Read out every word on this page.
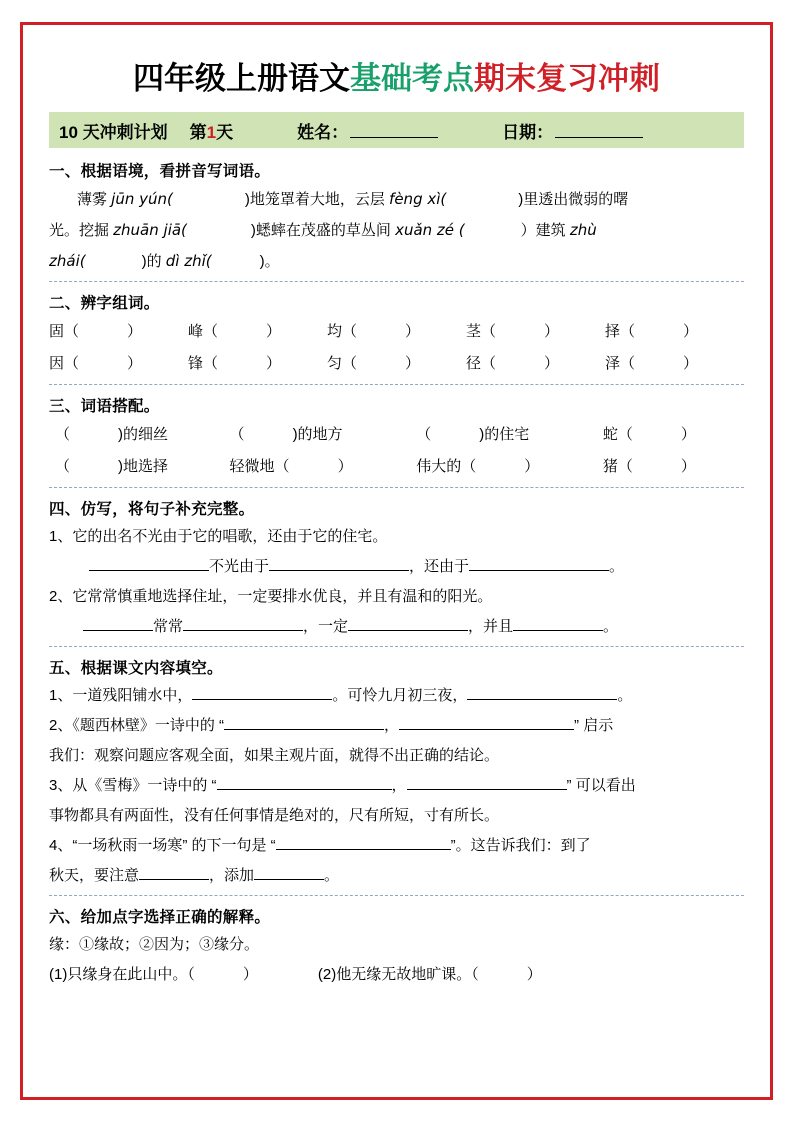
四年级上册语文基础考点期末复习冲刺
10 天冲刺计划 第1天	姓名：	日期：
一、根据语境，看拼音写词语。
薄雾 jūn yún(	)地笼罩着大地，云层 fèng xì(	)里透出微弱的曙
光。挖掘 zhuān jiā(	)蟋蟀在茂盛的草丛间 xuǎn zé (	）建筑 zhù
zhái(	)的 dì zhǐ(	)。
二、辨字组词。
固（ ）	峰（ ）	均（ ）	茎（ ）	择（ ）
因（ ）	锋（ ）	匀（ ）	径（ ）	泽（ ）
三、词语搭配。
（ )的细丝	（ )的地方	（ )的住宅	蛇（ ）
（ )地选择	轻微地（ ）	伟大的（ ）	猪（ ）
四、仿写，将句子补充完整。
1、它的出名不光由于它的唱歌，还由于它的住宅。
不光由于	，还由于	。
2、它常常慎重地选择住址，一定要排水优良，并且有温和的阳光。
常常	，一定	，并且	。
五、根据课文内容填空。
1、一道残阳铺水中，	。可怜九月初三夜，	。
2、《题西林壁》一诗中的 “	，	” 启示
我们：观察问题应客观全面，如果主观片面，就得不出正确的结论。
3、从《雪梅》一诗中的 “	，	” 可以看出
事物都具有两面性，没有任何事情是绝对的，尺有所短，寸有所长。
4、“一场秋雨一场寒” 的下一句是 “	”。这告诉我们：到了
秋天，要注意	，添加	。
六、给加点字选择正确的解释。
缘：①缘故；②因为；③缘分。
(1)只缘身在此山中。（	）	(2)他无缘无故地旷课。（	）
